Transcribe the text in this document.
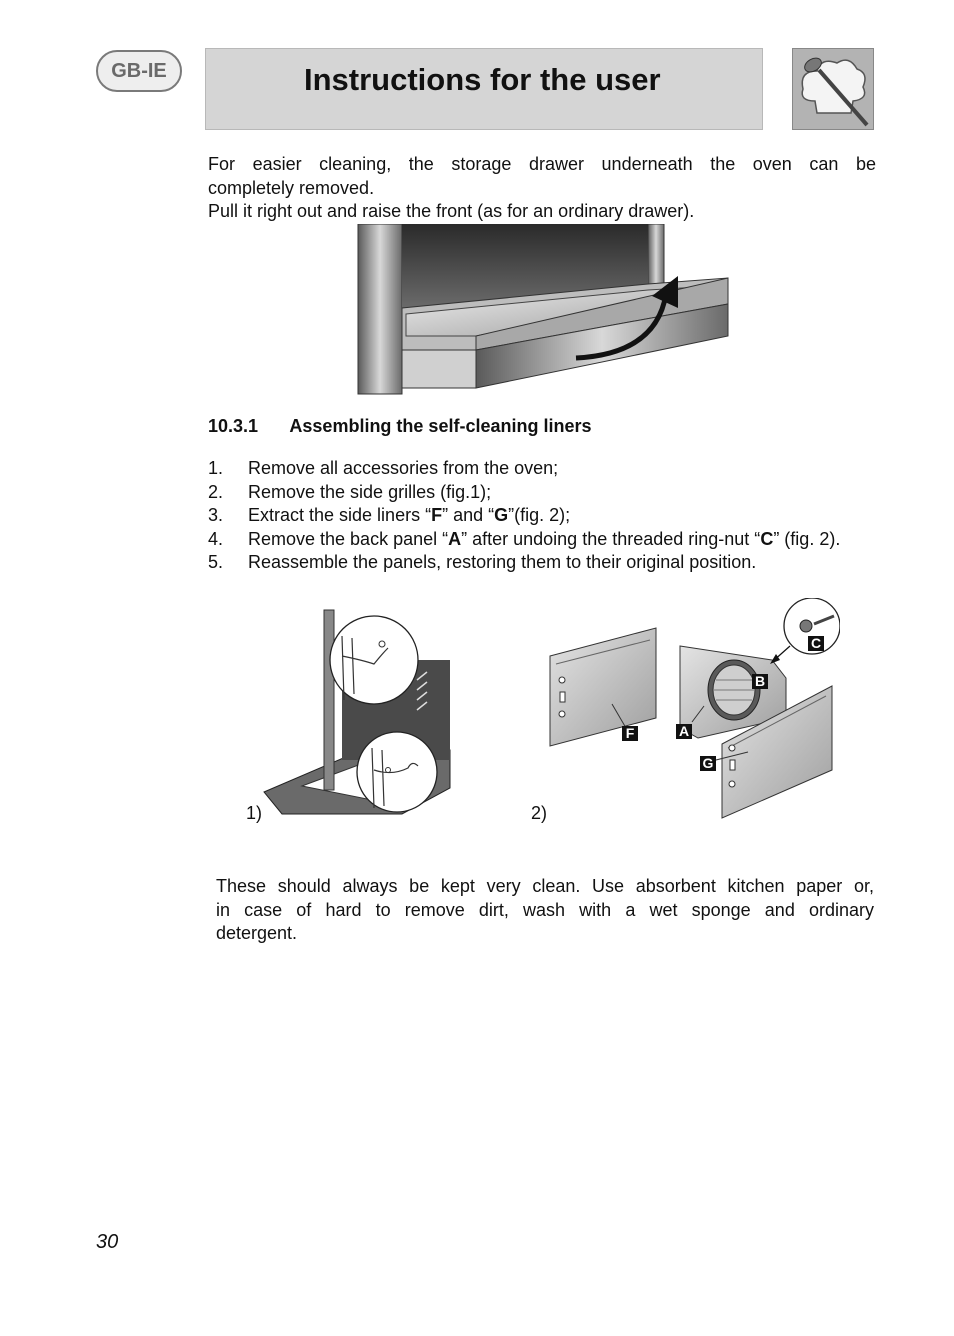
GB-IE	Instructions for the user
For easier cleaning, the storage drawer underneath the oven can be
completely removed.
Pull it right out and raise the front (as for an ordinary drawer).
10.3.1 Assembling the self-cleaning liners
1.	Remove all accessories from the oven;
2.	Remove the side grilles (fig.1);
3.	Extract the side liners “F” and “G”(fig. 2);
4.	Remove the back panel “A” after undoing the threaded ring-nut “C” (fig. 2).
5.	Reassemble the panels, restoring them to their original position.
1)
F	A
B
C
G
2)
These should always be kept very clean. Use absorbent kitchen paper or,
in case of hard to remove dirt, wash with a wet sponge and ordinary
detergent.
30
